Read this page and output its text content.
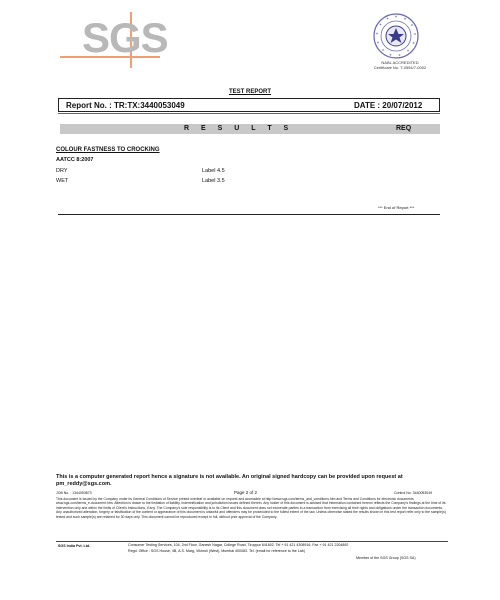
SGS
NABL ACCREDITED
Certificate No. T-0594/7-0002
TEST REPORT
Report No. : TR:TX:3440053049	DATE : 20/07/2012
R E S U L T S	REQ
COLOUR FASTNESS TO CROCKING
AATCC 8:2007
DRY	Label 4.5
WET	Label 3.5
*** End of Report ***
This is a computer generated report hence a signature is not available. An original signed hardcopy can be provided upon request at pm_reddy@sgs.com.
JOB No. : 1344053873	Page 2 of 2	Control No. 3440053049
This document is issued by the Company under its General Conditions of Service printed overleaf or available on request and accessible at http://www.sgs.com/terms_and_conditions.htm and Terms and Conditions for electronic documents www.sgs.com/terms_e-document.htm. Attention is drawn to the limitation of liability, indemnification and jurisdiction issues defined therein. Any holder of this document is advised that information contained hereon reflects the Company's findings at the time of its intervention only and within the limits of Client's instructions, if any. The Company's sole responsibility is to its Client and this document does not exonerate parties to a transaction from exercising all their rights and obligations under the transaction documents. Any unauthorized alteration, forgery or falsification of the content or appearance of this document is unlawful and offenders may be prosecuted to the fullest extent of the law. Unless otherwise stated the results shown in this test report refer only to the sample(s) tested and such sample(s) are retained for 30 days only. This document cannot be reproduced except in full, without prior approval of the Company.
SGS India Pvt. Ltd.	Consumer Testing Services, 104, 2nd Floor, Ganesh Nagar, College Road, Tiruppur 641602. Tel + 91 421 4308916, Fax + 91 421 2204892
Regd. Office : SGS House, 4B, A.S. Marg, Vikhroli (West), Mumbai 400083. Tel. (email for reference to the Lab)
Member of the SGS Group (SGS SA)
